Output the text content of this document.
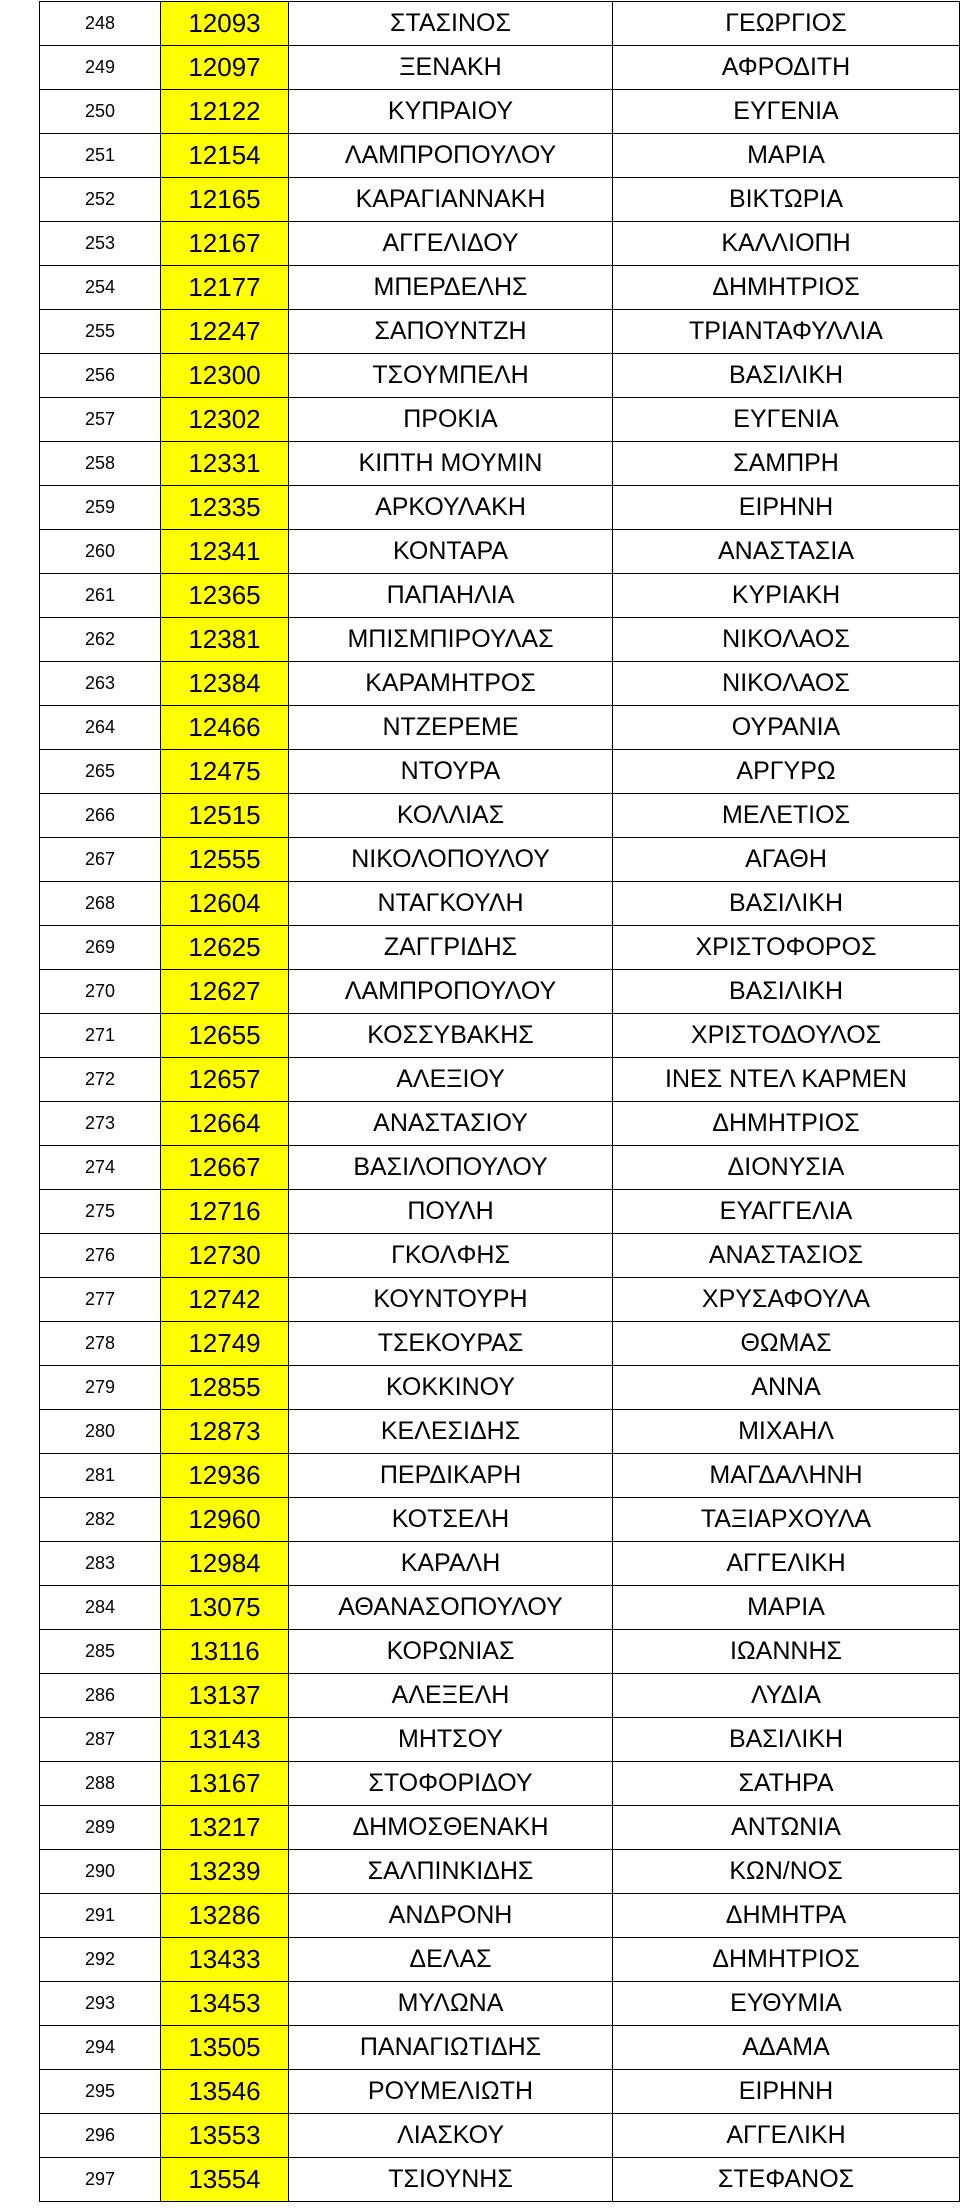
248	12093	ΣΤΑΣΙΝΟΣ	ΓΕΩΡΓΙΟΣ
249	12097	ΞΕΝΑΚΗ	ΑΦΡΟΔΙΤΗ
250	12122	ΚΥΠΡΑΙΟΥ	ΕΥΓΕΝΙΑ
251	12154	ΛΑΜΠΡΟΠΟΥΛΟΥ	ΜΑΡΙΑ
252	12165	ΚΑΡΑΓΙΑΝΝΑΚΗ	ΒΙΚΤΩΡΙΑ
253	12167	ΑΓΓΕΛΙΔΟΥ	ΚΑΛΛΙΟΠΗ
254	12177	ΜΠΕΡΔΕΛΗΣ	ΔΗΜΗΤΡΙΟΣ
255	12247	ΣΑΠΟΥΝΤΖΗ	ΤΡΙΑΝΤΑΦΥΛΛΙΑ
256	12300	ΤΣΟΥΜΠΕΛΗ	ΒΑΣΙΛΙΚΗ
257	12302	ΠΡΟΚΙΑ	ΕΥΓΕΝΙΑ
258	12331	ΚΙΠΤΗ ΜΟΥΜΙΝ	ΣΑΜΠΡΗ
259	12335	ΑΡΚΟΥΛΑΚΗ	ΕΙΡΗΝΗ
260	12341	ΚΟΝΤΑΡΑ	ΑΝΑΣΤΑΣΙΑ
261	12365	ΠΑΠΑΗΛΙΑ	ΚΥΡΙΑΚΗ
262	12381	ΜΠΙΣΜΠΙΡΟΥΛΑΣ	ΝΙΚΟΛΑΟΣ
263	12384	ΚΑΡΑΜΗΤΡΟΣ	ΝΙΚΟΛΑΟΣ
264	12466	ΝΤΖΕΡΕΜΕ	ΟΥΡΑΝΙΑ
265	12475	ΝΤΟΥΡΑ	ΑΡΓΥΡΩ
266	12515	ΚΟΛΛΙΑΣ	ΜΕΛΕΤΙΟΣ
267	12555	ΝΙΚΟΛΟΠΟΥΛΟΥ	ΑΓΑΘΗ
268	12604	ΝΤΑΓΚΟΥΛΗ	ΒΑΣΙΛΙΚΗ
269	12625	ΖΑΓΓΡΙΔΗΣ	ΧΡΙΣΤΟΦΟΡΟΣ
270	12627	ΛΑΜΠΡΟΠΟΥΛΟΥ	ΒΑΣΙΛΙΚΗ
271	12655	ΚΟΣΣΥΒΑΚΗΣ	ΧΡΙΣΤΟΔΟΥΛΟΣ
272	12657	ΑΛΕΞΙΟΥ	ΙΝΕΣ ΝΤΕΛ ΚΑΡΜΕΝ
273	12664	ΑΝΑΣΤΑΣΙΟΥ	ΔΗΜΗΤΡΙΟΣ
274	12667	ΒΑΣΙΛΟΠΟΥΛΟΥ	ΔΙΟΝΥΣΙΑ
275	12716	ΠΟΥΛΗ	ΕΥΑΓΓΕΛΙΑ
276	12730	ΓΚΟΛΦΗΣ	ΑΝΑΣΤΑΣΙΟΣ
277	12742	ΚΟΥΝΤΟΥΡΗ	ΧΡΥΣΑΦΟΥΛΑ
278	12749	ΤΣΕΚΟΥΡΑΣ	ΘΩΜΑΣ
279	12855	ΚΟΚΚΙΝΟΥ	ΑΝΝΑ
280	12873	ΚΕΛΕΣΙΔΗΣ	ΜΙΧΑΗΛ
281	12936	ΠΕΡΔΙΚΑΡΗ	ΜΑΓΔΑΛΗΝΗ
282	12960	ΚΟΤΣΕΛΗ	ΤΑΞΙΑΡΧΟΥΛΑ
283	12984	ΚΑΡΑΛΗ	ΑΓΓΕΛΙΚΗ
284	13075	ΑΘΑΝΑΣΟΠΟΥΛΟΥ	ΜΑΡΙΑ
285	13116	ΚΟΡΩΝΙΑΣ	ΙΩΑΝΝΗΣ
286	13137	ΑΛΕΞΕΛΗ	ΛΥΔΙΑ
287	13143	ΜΗΤΣΟΥ	ΒΑΣΙΛΙΚΗ
288	13167	ΣΤΟΦΟΡΙΔΟΥ	ΣΑΤΗΡΑ
289	13217	ΔΗΜΟΣΘΕΝΑΚΗ	ΑΝΤΩΝΙΑ
290	13239	ΣΑΛΠΙΝΚΙΔΗΣ	ΚΩΝ/ΝΟΣ
291	13286	ΑΝΔΡΟΝΗ	ΔΗΜΗΤΡΑ
292	13433	ΔΕΛΑΣ	ΔΗΜΗΤΡΙΟΣ
293	13453	ΜΥΛΩΝΑ	ΕΥΘΥΜΙΑ
294	13505	ΠΑΝΑΓΙΩΤΙΔΗΣ	ΑΔΑΜΑ
295	13546	ΡΟΥΜΕΛΙΩΤΗ	ΕΙΡΗΝΗ
296	13553	ΛΙΑΣΚΟΥ	ΑΓΓΕΛΙΚΗ
297	13554	ΤΣΙΟΥΝΗΣ	ΣΤΕΦΑΝΟΣ
